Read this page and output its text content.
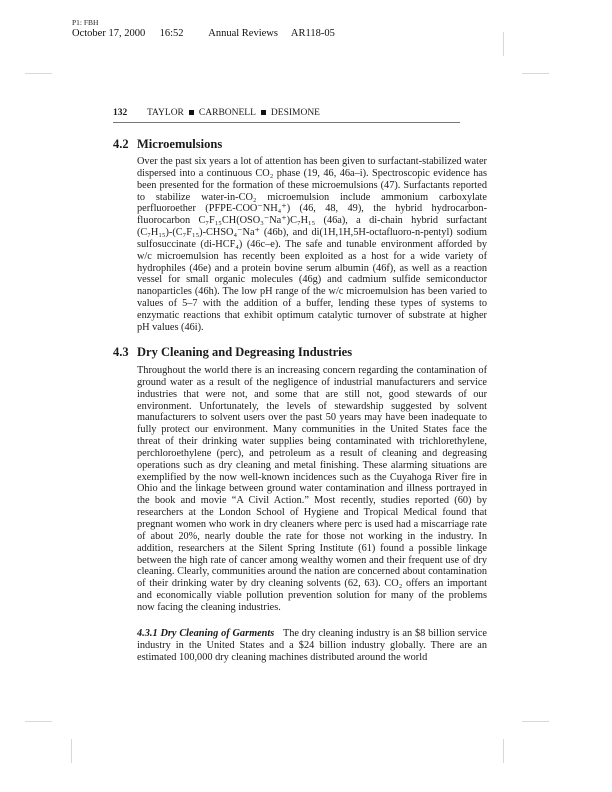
P1: FBH
October 17, 2000 16:52 Annual Reviews AR118-05
132 TAYLOR CARBONELL DESIMONE
4.2 Microemulsions

Over the past six years a lot of attention has been given to surfactant-stabilized water dispersed into a continuous CO₂ phase (19, 46, 46a–i). Spectroscopic evidence has been presented for the formation of these microemulsions (47). Surfactants reported to stabilize water-in-CO₂ microemulsion include ammonium carboxylate perfluoroether (PFPE-COO⁻NH₄⁺) (46, 48, 49), the hybrid hydrocarbon-fluorocarbon C₇F₁₅CH(OSO₃⁻Na⁺)C₇H₁₅ (46a), a di-chain hybrid surfactant (C₇H₁₅)-(C₇F₁₅)-CHSO₄⁻Na⁺ (46b), and di(1H,1H,5H-octafluoro-n-pentyl) sodium sulfosuccinate (di-HCF₄) (46c–e). The safe and tunable environment afforded by w/c microemulsion has recently been exploited as a host for a wide variety of hydrophiles (46e) and a protein bovine serum albumin (46f), as well as a reaction vessel for small organic molecules (46g) and cadmium sulfide semiconductor nanoparticles (46h). The low pH range of the w/c microemulsion has been varied to values of 5–7 with the addition of a buffer, lending these types of systems to enzymatic reactions that exhibit optimum catalytic turnover of substrate at higher pH values (46i).

4.3 Dry Cleaning and Degreasing Industries

Throughout the world there is an increasing concern regarding the contamination of ground water as a result of the negligence of industrial manufacturers and service industries that were not, and some that are still not, good stewards of our environment. Unfortunately, the levels of stewardship suggested by solvent manufacturers to solvent users over the past 50 years may have been inadequate to fully protect our environment. Many communities in the United States face the threat of their drinking water supplies being contaminated with trichlorethylene, perchloroethylene (perc), and petroleum as a result of cleaning and degreasing operations such as dry cleaning and metal finishing. These alarming situations are exemplified by the now well-known incidences such as the Cuyahoga River fire in Ohio and the linkage between ground water contamination and illness portrayed in the book and movie “A Civil Action.” Most recently, studies reported (60) by researchers at the London School of Hygiene and Tropical Medical found that pregnant women who work in dry cleaners where perc is used had a miscarriage rate of about 20%, nearly double the rate for those not working in the industry. In addition, researchers at the Silent Spring Institute (61) found a possible linkage between the high rate of cancer among wealthy women and their frequent use of dry cleaning. Clearly, communities around the nation are concerned about contamination of their drinking water by dry cleaning solvents (62, 63). CO₂ offers an important and economically viable pollution prevention solution for many of the problems now facing the cleaning industries.

4.3.1 Dry Cleaning of Garments The dry cleaning industry is an $8 billion service industry in the United States and a $24 billion industry globally. There are an estimated 100,000 dry cleaning machines distributed around the world
